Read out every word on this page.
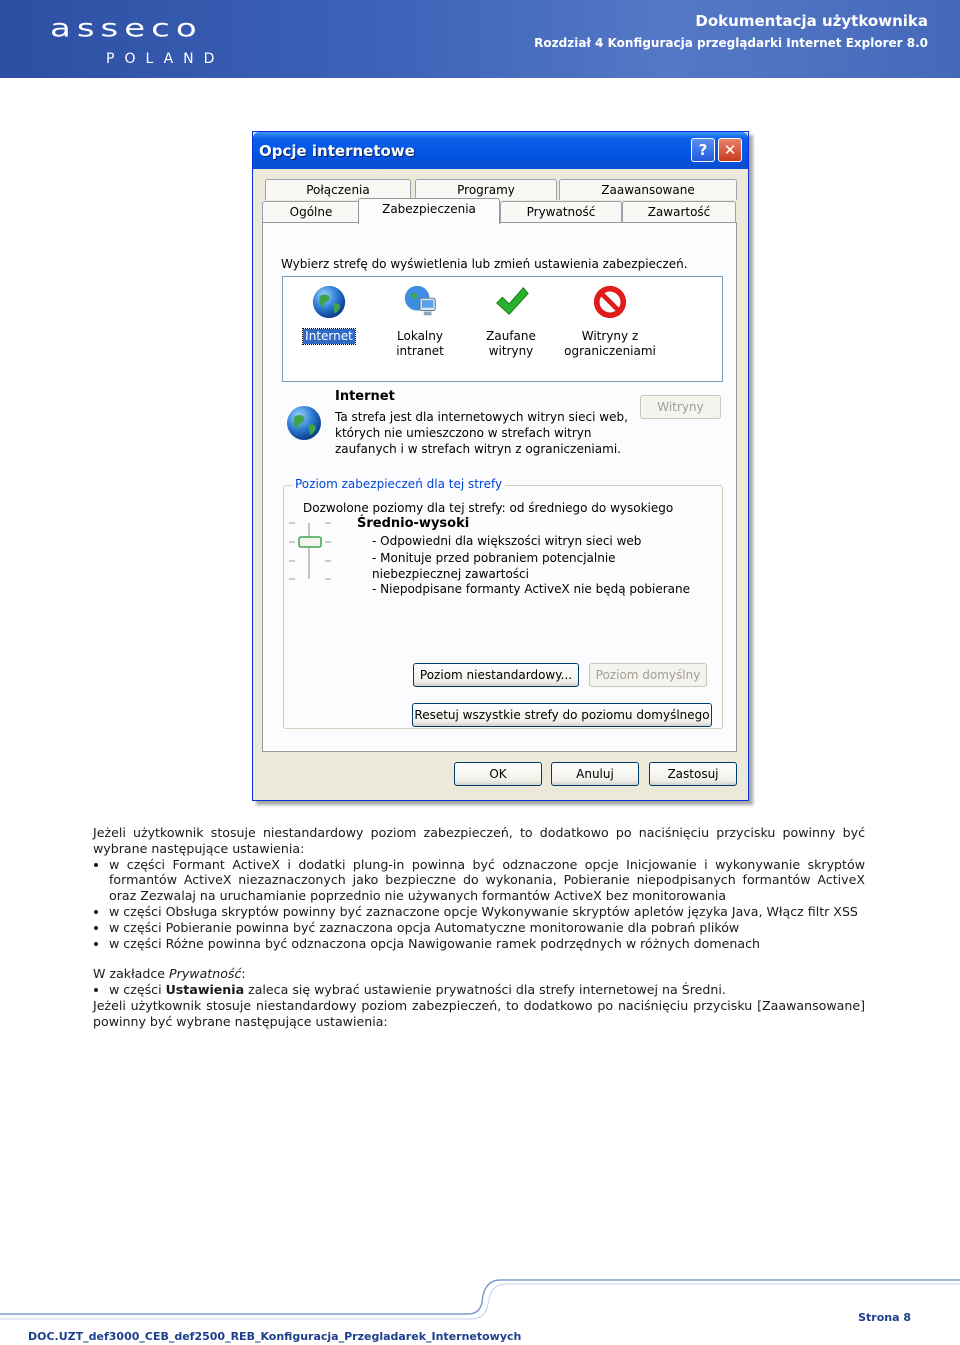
asseco
POLAND
Dokumentacja użytkownika
Rozdział 4 Konfiguracja przeglądarki Internet Explorer 8.0
Opcje internetowe	?	✕
Połączenia	Programy	Zaawansowane
Ogólne	Zabezpieczenia	Prywatność	Zawartość
Wybierz strefę do wyświetlenia lub zmień ustawienia zabezpieczeń.
Internet	Lokalny
intranet
Zaufane
witryny
Witryny z
ograniczeniami
Internet
Ta strefa jest dla internetowych witryn sieci web, których nie umieszczono w strefach witryn zaufanych i w strefach witryn z ograniczeniami.
Witryny
Poziom zabezpieczeń dla tej strefy
Dozwolone poziomy dla tej strefy: od średniego do wysokiego
Średnio-wysoki
- Odpowiedni dla większości witryn sieci web
- Monituje przed pobraniem potencjalnie niebezpiecznej zawartości
- Niepodpisane formanty ActiveX nie będą pobierane
Poziom niestandardowy...	Poziom domyślny
Resetuj wszystkie strefy do poziomu domyślnego
OK	Anuluj	Zastosuj

Jeżeli użytkownik stosuje niestandardowy poziom zabezpieczeń, to dodatkowo po naciśnięciu przycisku powinny być wybrane następujące ustawienia:

• w części Formant ActiveX i dodatki plung-in powinna być odznaczone opcje Inicjowanie i wykonywanie skryptów formantów ActiveX niezaznaczonych jako bezpieczne do wykonania, Pobieranie niepodpisanych formantów ActiveX oraz Zezwalaj na uruchamianie poprzednio nie używanych formantów ActiveX bez monitorowania
• w części Obsługa skryptów powinny być zaznaczone opcje Wykonywanie skryptów apletów języka Java, Włącz filtr XSS
• w części Pobieranie powinna być zaznaczona opcja Automatyczne monitorowanie dla pobrań plików
• w części Różne powinna być odznaczona opcja Nawigowanie ramek podrzędnych w różnych domenach

W zakładce Prywatność:

• w części Ustawienia zaleca się wybrać ustawienie prywatności dla strefy internetowej na Średni.

Jeżeli użytkownik stosuje niestandardowy poziom zabezpieczeń, to dodatkowo po naciśnięciu przycisku [Zaawansowane] powinny być wybrane następujące ustawienia:

Strona 8
DOC.UZT_def3000_CEB_def2500_REB_Konfiguracja_Przegladarek_Internetowych
